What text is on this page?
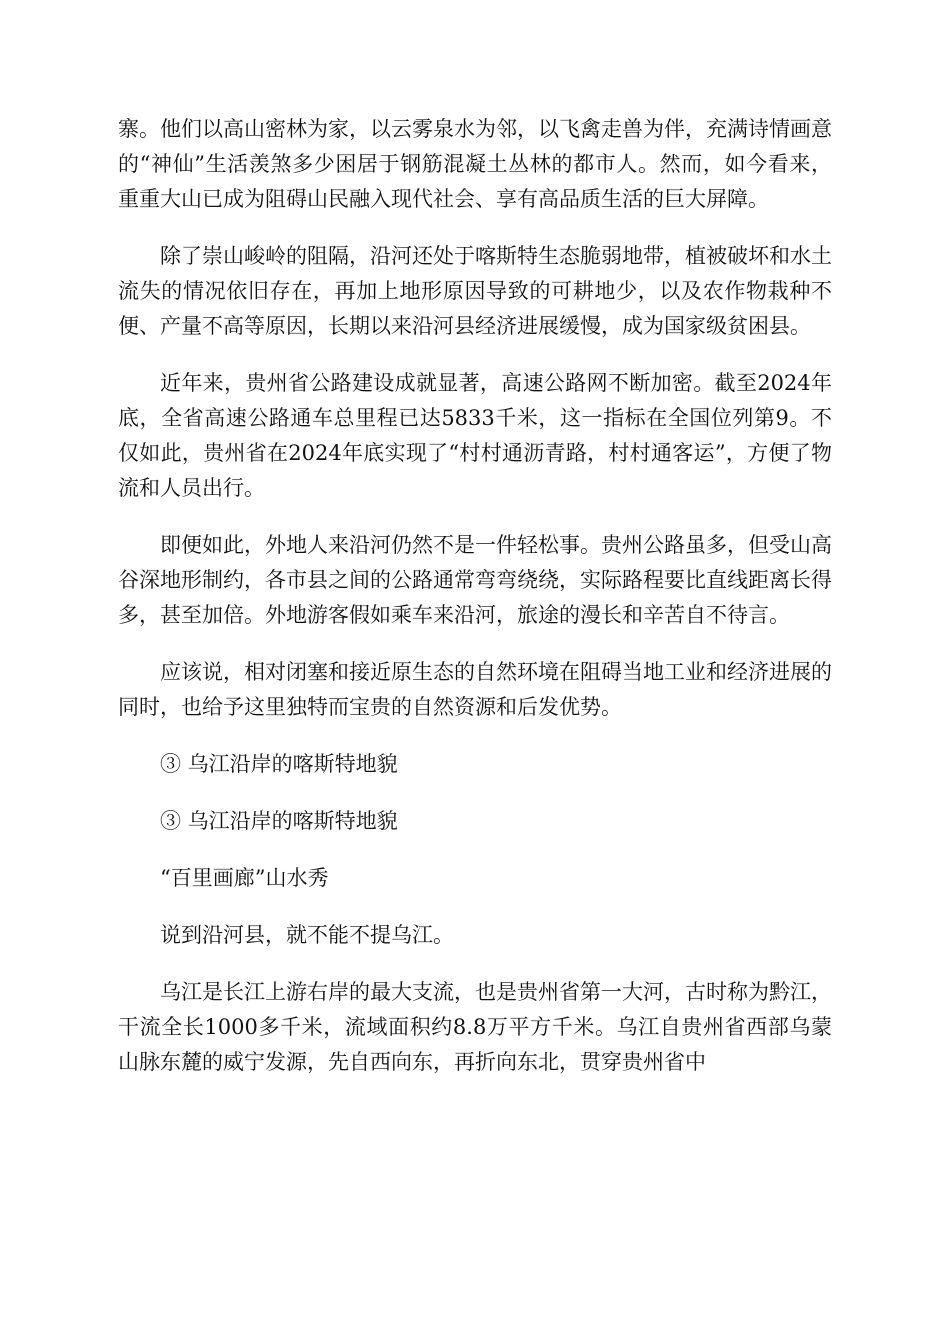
寨。他们以高山密林为家，以云雾泉水为邻，以飞禽走兽为伴，充满诗情画意的“神仙”生活羡煞多少困居于钢筋混凝土丛林的都市人。然而，如今看来，重重大山已成为阻碍山民融入现代社会、享有高品质生活的巨大屏障。

除了崇山峻岭的阻隔，沿河还处于喀斯特生态脆弱地带，植被破坏和水土流失的情况依旧存在，再加上地形原因导致的可耕地少，以及农作物栽种不便、产量不高等原因，长期以来沿河县经济进展缓慢，成为国家级贫困县。

近年来，贵州省公路建设成就显著，高速公路网不断加密。截至2024年底，全省高速公路通车总里程已达5833千米，这一指标在全国位列第9。不仅如此，贵州省在2024年底实现了“村村通沥青路，村村通客运”，方便了物流和人员出行。

即便如此，外地人来沿河仍然不是一件轻松事。贵州公路虽多，但受山高谷深地形制约，各市县之间的公路通常弯弯绕绕，实际路程要比直线距离长得多，甚至加倍。外地游客假如乘车来沿河，旅途的漫长和辛苦自不待言。

应该说，相对闭塞和接近原生态的自然环境在阻碍当地工业和经济进展的同时，也给予这里独特而宝贵的自然资源和后发优势。

③ 乌江沿岸的喀斯特地貌

③ 乌江沿岸的喀斯特地貌

“百里画廊”山水秀

说到沿河县，就不能不提乌江。

乌江是长江上游右岸的最大支流，也是贵州省第一大河，古时称为黔江，干流全长1000多千米，流域面积约8.8万平方千米。乌江自贵州省西部乌蒙山脉东麓的威宁发源，先自西向东，再折向东北，贯穿贵州省中
